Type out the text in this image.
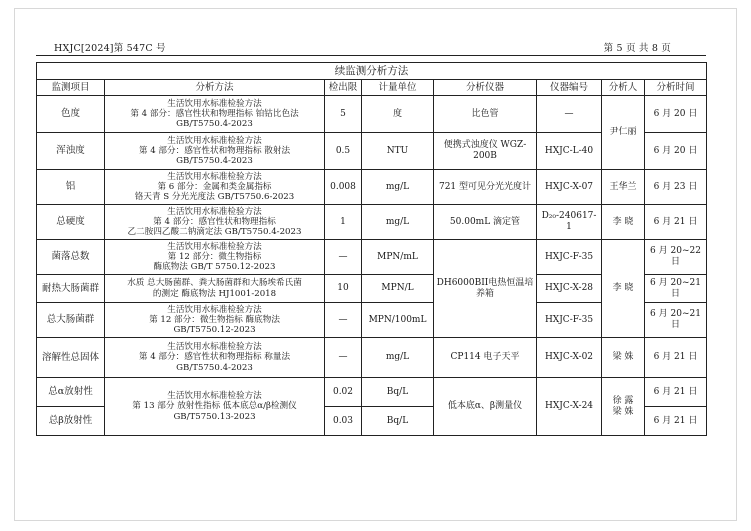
HXJC[2024]第 547C 号	第 5 页 共 8 页
续监测分析方法							
监测项目	分析方法	检出限	计量单位	分析仪器	仪器编号	分析人	分析时间
色度	生活饮用水标准检验方法
第 4 部分：感官性状和物理指标 铂钴比色法
GB/T5750.4-2023	5	度	比色管	—	尹仁丽	6 月 20 日
浑浊度	生活饮用水标准检验方法
第 4 部分：感官性状和物理指标 散射法
GB/T5750.4-2023	0.5	NTU	便携式浊度仪 WGZ-200B	HXJC-L-40		6 月 20 日
铝	生活饮用水标准检验方法
第 6 部分：金属和类金属指标
铬天青 S 分光光度法 GB/T5750.6-2023	0.008	mg/L	721 型可见分光光度计	HXJC-X-07	王华兰	6 月 23 日
总硬度	生活饮用水标准检验方法
第 4 部分：感官性状和物理指标
乙二胺四乙酸二钠滴定法 GB/T5750.4-2023	1	mg/L	50.00mL 滴定管	D₂₀-240617-1	李 晓	6 月 21 日
菌落总数	生活饮用水标准检验方法
第 12 部分：微生物指标
酶底物法 GB/T 5750.12-2023	—	MPN/mL	DH6000BII电热恒温培养箱	HXJC-F-35	李 晓	6 月 20~22 日
耐热大肠菌群	水质 总大肠菌群、粪大肠菌群和大肠埃希氏菌
的测定 酶底物法 HJ1001-2018	10	MPN/L		HXJC-X-28		6 月 20~21 日
总大肠菌群	生活饮用水标准检验方法
第 12 部分：微生物指标 酶底物法
GB/T5750.12-2023	—	MPN/100mL		HXJC-F-35		6 月 20~21 日
溶解性总固体	生活饮用水标准检验方法
第 4 部分：感官性状和物理指标 称量法
GB/T5750.4-2023	—	mg/L	CP114 电子天平	HXJC-X-02	梁 姝	6 月 21 日
总α放射性	生活饮用水标准检验方法
第 13 部分 放射性指标 低本底总α/β检测仪
GB/T5750.13-2023	0.02	Bq/L	低本底α、β测量仪	HXJC-X-24	徐 露
梁 姝	6 月 21 日
总β放射性		0.03	Bq/L				6 月 21 日
